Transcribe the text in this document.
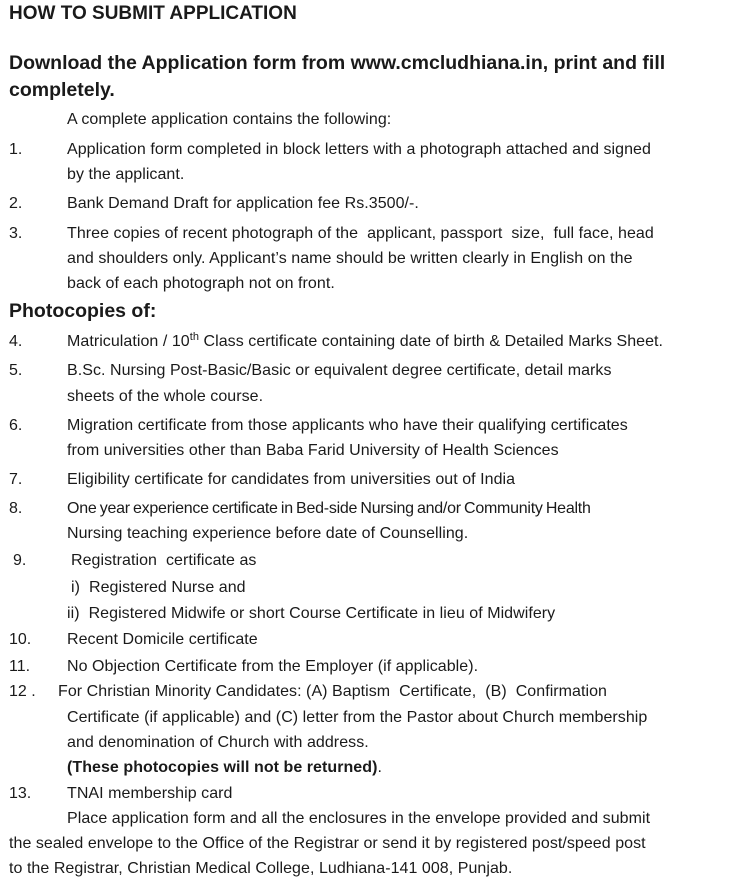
HOW TO SUBMIT APPLICATION
Download the Application form from www.cmcludhiana.in, print and fill
completely.
A complete application contains the following:
1.	Application form completed in block letters with a photograph attached and signed
by the applicant.
2.	Bank Demand Draft for application fee Rs.3500/-.
3.	Three copies of recent photograph of the  applicant, passport  size,  full face, head
and shoulders only. Applicant’s name should be written clearly in English on the
back of each photograph not on front.
Photocopies of:
4.	Matriculation / 10th Class certificate containing date of birth & Detailed Marks Sheet.
5.	B.Sc. Nursing Post-Basic/Basic or equivalent degree certificate, detail marks
sheets of the whole course.
6.	Migration certificate from those applicants who have their qualifying certificates
from universities other than Baba Farid University of Health Sciences
7.	Eligibility certificate for candidates from universities out of India
8.	One year experience certificate in Bed-side Nursing and/or Community Health
Nursing teaching experience before date of Counselling.
9.	Registration  certificate as
i)  Registered Nurse and
ii)  Registered Midwife or short Course Certificate in lieu of Midwifery
10. Recent Domicile certificate
11. No Objection Certificate from the Employer (if applicable).
12 . For Christian Minority Candidates: (A) Baptism  Certificate,  (B)  Confirmation
Certificate (if applicable) and (C) letter from the Pastor about Church membership
and denomination of Church with address.
(These photocopies will not be returned).
13. TNAI membership card
Place application form and all the enclosures in the envelope provided and submit
the sealed envelope to the Office of the Registrar or send it by registered post/speed post
to the Registrar, Christian Medical College, Ludhiana-141 008, Punjab.
